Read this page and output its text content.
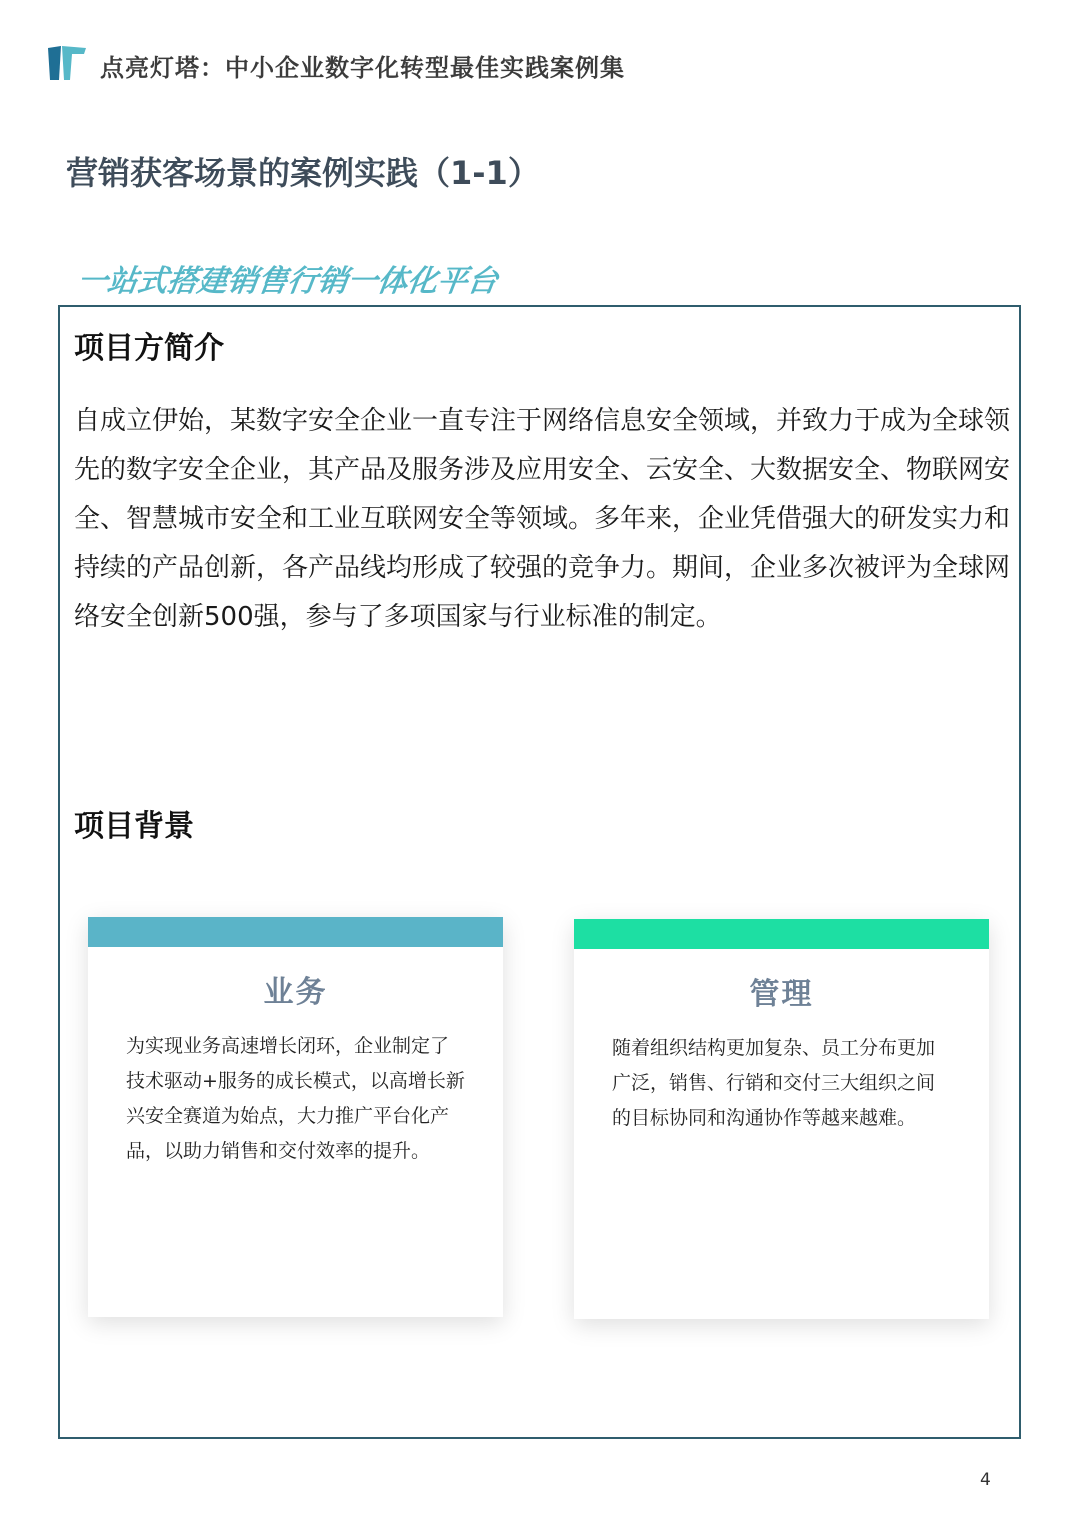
点亮灯塔：中小企业数字化转型最佳实践案例集
营销获客场景的案例实践（1-1）
一站式搭建销售行销一体化平台
项目方简介
自成立伊始，某数字安全企业一直专注于网络信息安全领域，并致力于成为全球领先的数字安全企业，其产品及服务涉及应用安全、云安全、大数据安全、物联网安全、智慧城市安全和工业互联网安全等领域。多年来，企业凭借强大的研发实力和持续的产品创新，各产品线均形成了较强的竞争力。期间，企业多次被评为全球网络安全创新500强，参与了多项国家与行业标准的制定。
项目背景
业务
为实现业务高速增长闭环，企业制定了技术驱动+服务的成长模式，以高增长新兴安全赛道为始点，大力推广平台化产品，以助力销售和交付效率的提升。
管理
随着组织结构更加复杂、员工分布更加广泛，销售、行销和交付三大组织之间的目标协同和沟通协作等越来越难。
4
